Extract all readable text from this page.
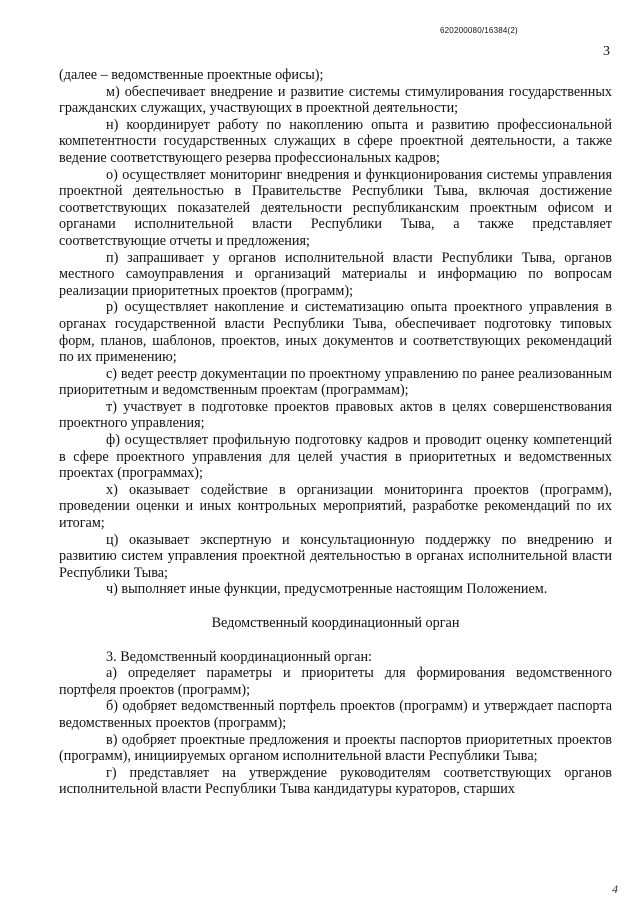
620200080/16384(2)
3

(далее – ведомственные проектные офисы);

м) обеспечивает внедрение и развитие системы стимулирования государственных гражданских служащих, участвующих в проектной деятельности;

н) координирует работу по накоплению опыта и развитию профессиональной компетентности государственных служащих в сфере проектной деятельности, а также ведение соответствующего резерва профессиональных кадров;

о) осуществляет мониторинг внедрения и функционирования системы управления проектной деятельностью в Правительстве Республики Тыва, включая достижение соответствующих показателей деятельности республиканским проектным офисом и органами исполнительной власти Республики Тыва, а также представляет соответствующие отчеты и предложения;

п) запрашивает у органов исполнительной власти Республики Тыва, органов местного самоуправления и организаций материалы и информацию по вопросам реализации приоритетных проектов (программ);

р) осуществляет накопление и систематизацию опыта проектного управления в органах государственной власти Республики Тыва, обеспечивает подготовку типовых форм, планов, шаблонов, проектов, иных документов и соответствующих рекомендаций по их применению;

с) ведет реестр документации по проектному управлению по ранее реализованным приоритетным и ведомственным проектам (программам);

т) участвует в подготовке проектов правовых актов в целях совершенствования проектного управления;

ф) осуществляет профильную подготовку кадров и проводит оценку компетенций в сфере проектного управления для целей участия в приоритетных и ведомственных проектах (программах);

х) оказывает содействие в организации мониторинга проектов (программ), проведении оценки и иных контрольных мероприятий, разработке рекомендаций по их итогам;

ц) оказывает экспертную и консультационную поддержку по внедрению и развитию систем управления проектной деятельностью в органах исполнительной власти Республики Тыва;

ч) выполняет иные функции, предусмотренные настоящим Положением.

Ведомственный координационный орган

3. Ведомственный координационный орган:

а) определяет параметры и приоритеты для формирования ведомственного портфеля проектов (программ);

б) одобряет ведомственный портфель проектов (программ) и утверждает паспорта ведомственных проектов (программ);

в) одобряет проектные предложения и проекты паспортов приоритетных проектов (программ), инициируемых органом исполнительной власти Республики Тыва;

г) представляет на утверждение руководителям соответствующих органов исполнительной власти Республики Тыва кандидатуры кураторов, старших

4
